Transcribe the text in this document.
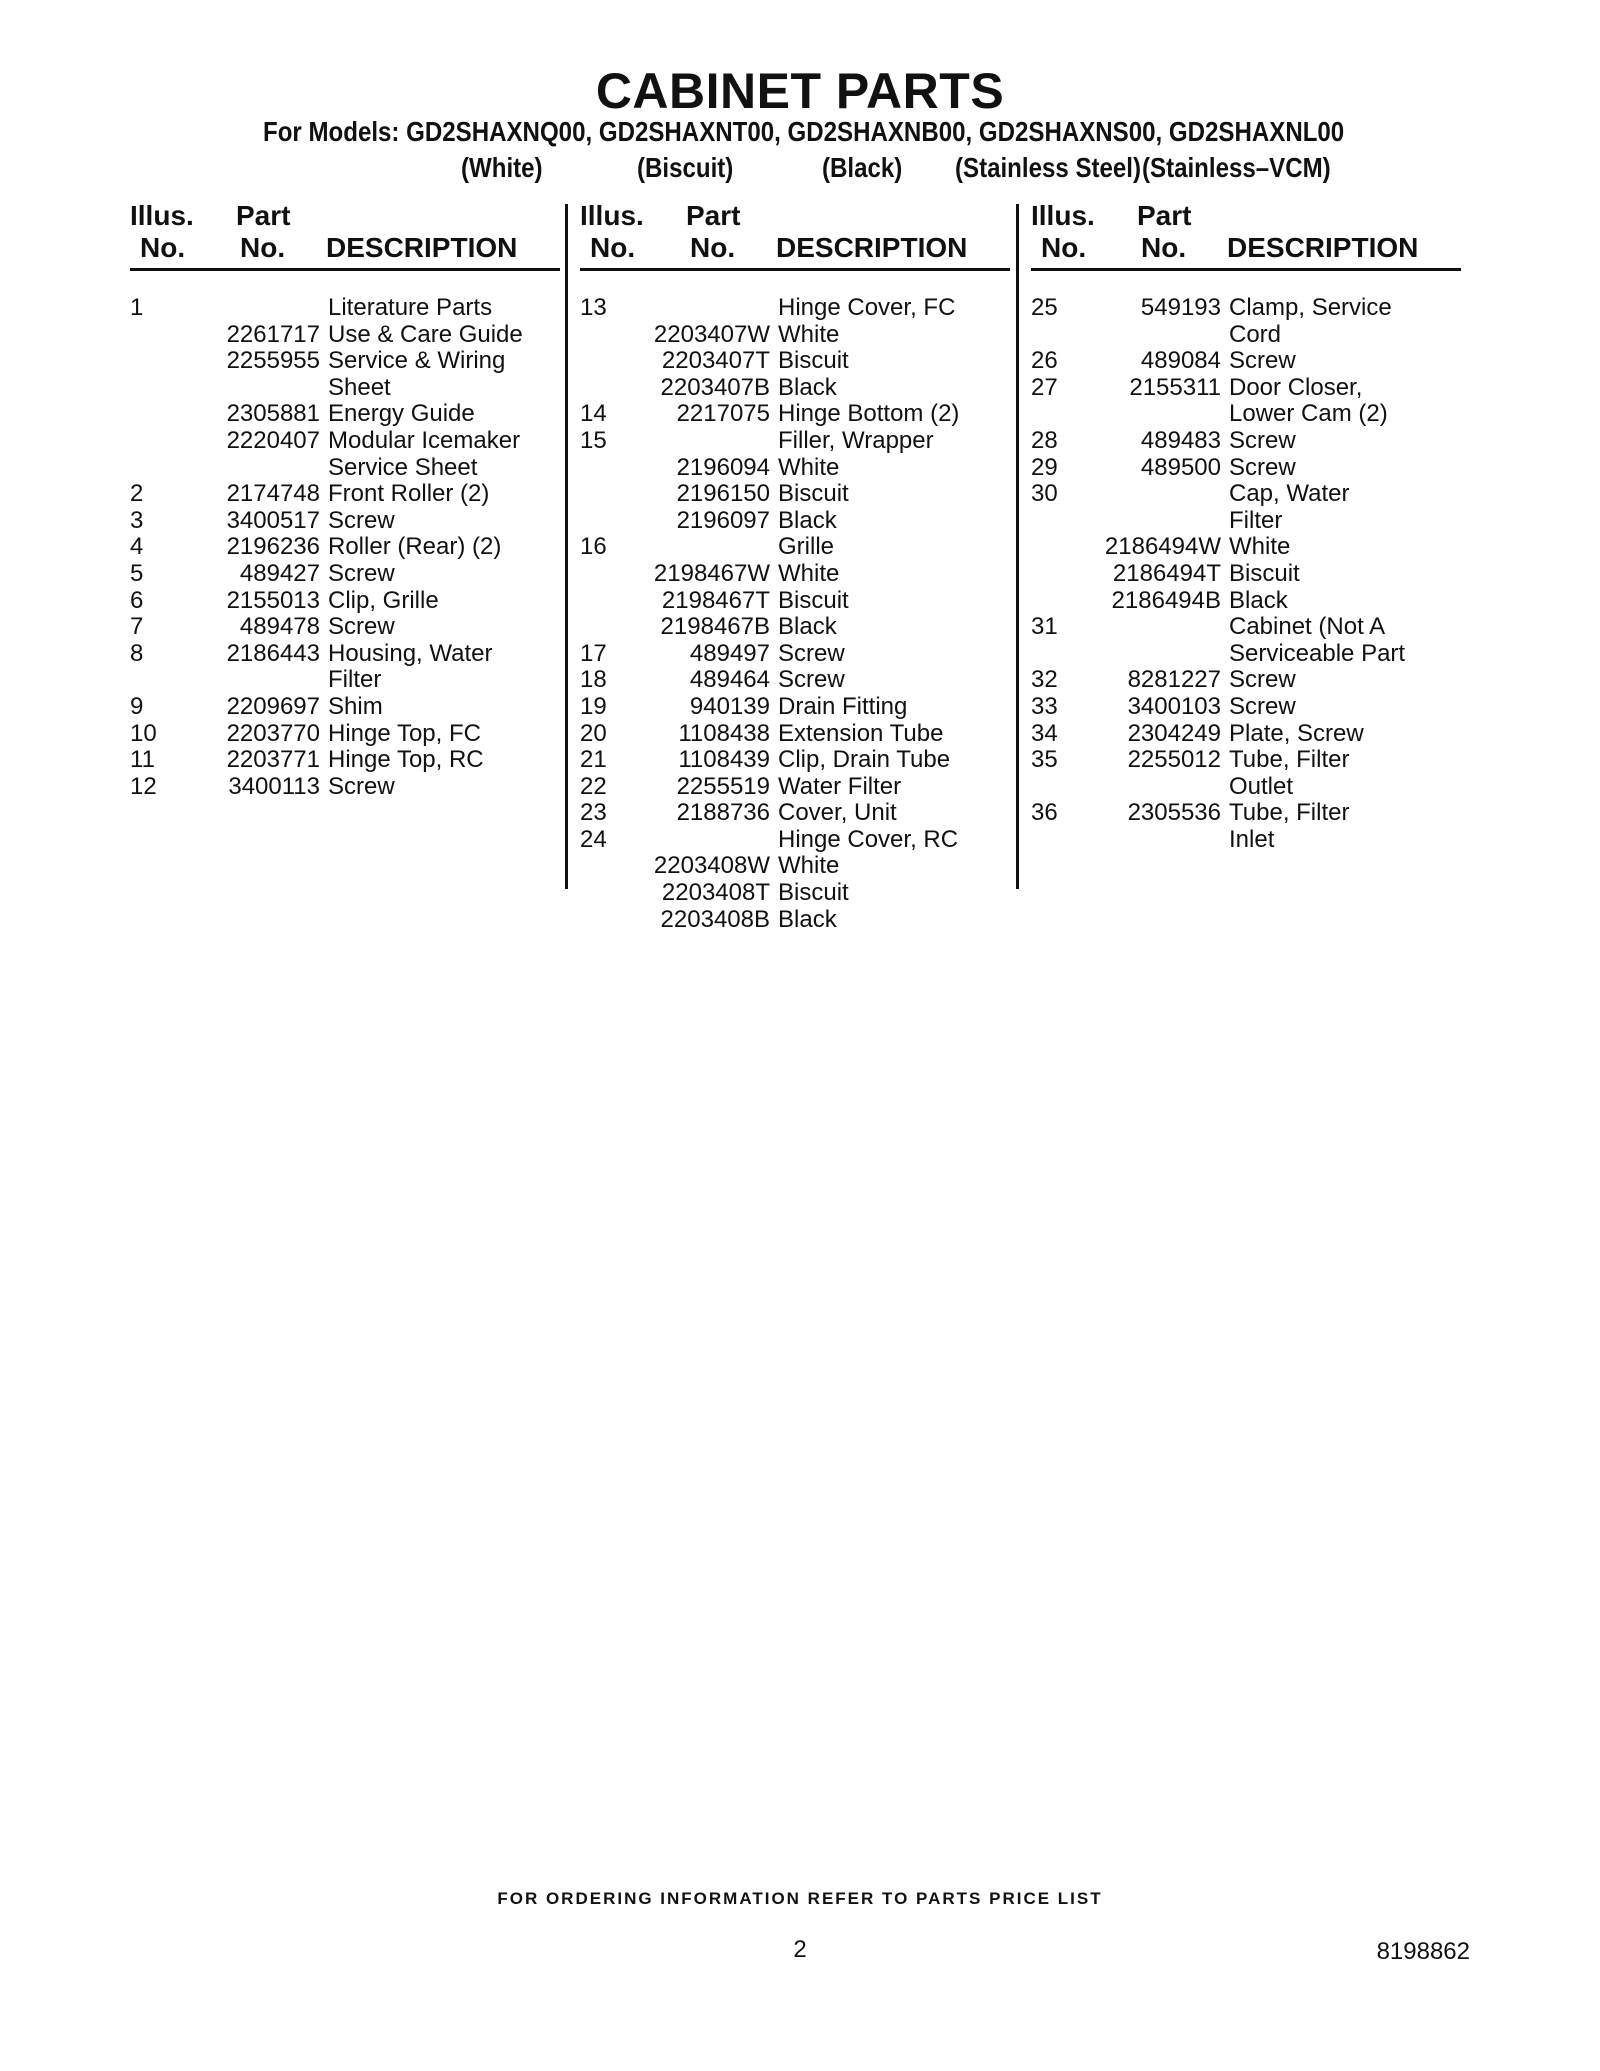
CABINET PARTS
For Models: GD2SHAXNQ00, GD2SHAXNT00, GD2SHAXNB00, GD2SHAXNS00, GD2SHAXNL00
(White)	(Biscuit)	(Black) (Stainless Steel) (Stainless–VCM)
Illus.
No.
Part
No. DESCRIPTION
1	Literature Parts
2261717 Use & Care Guide
2255955 Service & Wiring
Sheet
2305881 Energy Guide
2220407 Modular Icemaker
Service Sheet
2	2174748 Front Roller (2)
3	3400517 Screw
4	2196236 Roller (Rear) (2)
5	489427 Screw
6	2155013 Clip, Grille
7	489478 Screw
8	2186443 Housing, Water
Filter
9	2209697 Shim
10	2203770 Hinge Top, FC
11	2203771 Hinge Top, RC
12	3400113 Screw
Illus.
No.
Part
No. DESCRIPTION
13	Hinge Cover, FC
2203407W White
2203407T Biscuit
2203407B Black
14	2217075 Hinge Bottom (2)
15	Filler, Wrapper
2196094 White
2196150 Biscuit
2196097 Black
16	Grille
2198467W White
2198467T Biscuit
2198467B Black
17	489497 Screw
18	489464 Screw
19	940139 Drain Fitting
20	1108438 Extension Tube
21	1108439 Clip, Drain Tube
22	2255519 Water Filter
23	2188736 Cover, Unit
24	Hinge Cover, RC
2203408W White
2203408T Biscuit
2203408B Black
Illus.
No.
Part
No. DESCRIPTION
25	549193 Clamp, Service
Cord
26	489084 Screw
27	2155311 Door Closer,
Lower Cam (2)
28	489483 Screw
29	489500 Screw
30	Cap, Water
Filter
2186494W White
2186494T Biscuit
2186494B Black
31	Cabinet (Not A
Serviceable Part
32	8281227 Screw
33	3400103 Screw
34	2304249 Plate, Screw
35	2255012 Tube, Filter
Outlet
36	2305536 Tube, Filter
Inlet
FOR ORDERING INFORMATION REFER TO PARTS PRICE LIST
2	8198862
